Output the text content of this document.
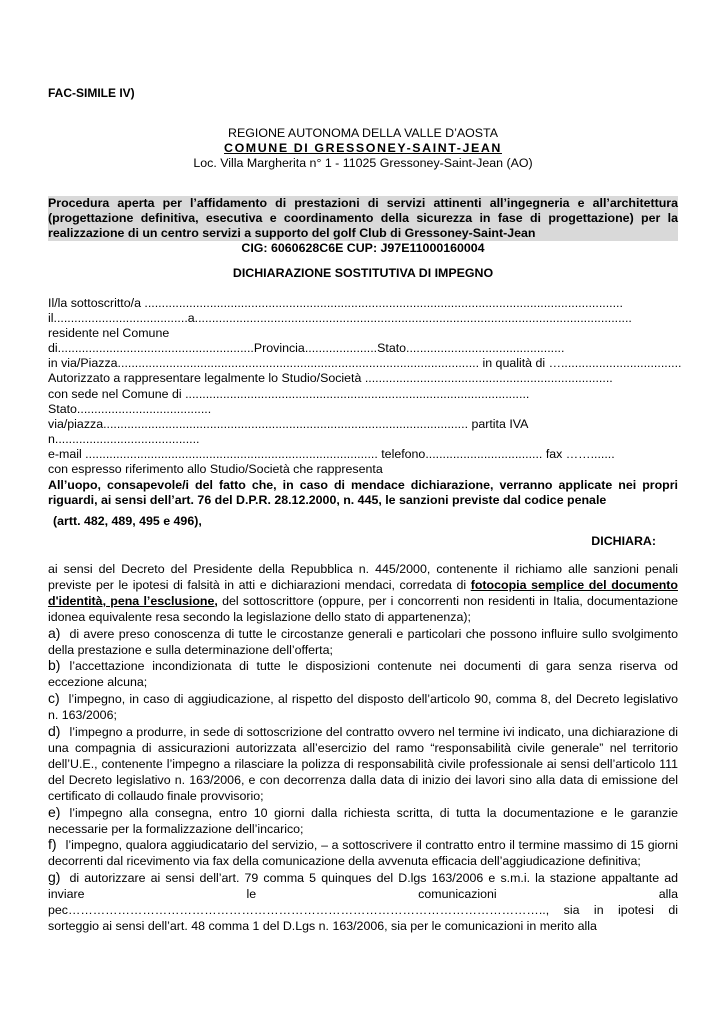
FAC-SIMILE IV)
REGIONE AUTONOMA DELLA VALLE D’AOSTA
COMUNE DI GRESSONEY-SAINT-JEAN
Loc. Villa Margherita n° 1 - 11025 Gressoney-Saint-Jean (AO)
Procedura aperta per l’affidamento di prestazioni di servizi attinenti all’ingegneria e all’architettura (progettazione definitiva, esecutiva e coordinamento della sicurezza in fase di progettazione) per la realizzazione di un centro servizi a supporto del golf Club di Gressoney-Saint-Jean
CIG: 6060628C6E CUP: J97E11000160004
DICHIARAZIONE SOSTITUTIVA DI IMPEGNO
Il/la sottoscritto/a ...........................................................................................................................................
il.......................................a...............................................................................................................................
residente nel Comune
di.........................................................Provincia.....................Stato..............................................
in via/Piazza......................................................................................................... in qualità di …...................................
Autorizzato a rappresentare legalmente lo Studio/Società ........................................................................
con sede nel Comune di ....................................................................................................
Stato.......................................
via/piazza.......................................................................................................... partita IVA
n..........................................
e-mail ..................................................................................... telefono.................................. fax …….......
con espresso riferimento allo Studio/Società che rappresenta
All’uopo, consapevole/i del fatto che, in caso di mendace dichiarazione, verranno applicate nei propri riguardi, ai sensi dell’art. 76 del D.P.R. 28.12.2000, n. 445, le sanzioni previste dal codice penale
(artt. 482, 489, 495 e 496),
DICHIARA:

ai sensi del Decreto del Presidente della Repubblica n. 445/2000, contenente il richiamo alle sanzioni penali previste per le ipotesi di falsità in atti e dichiarazioni mendaci, corredata di fotocopia semplice del documento d'identità, pena l’esclusione, del sottoscrittore (oppure, per i concorrenti non residenti in Italia, documentazione idonea equivalente resa secondo la legislazione dello stato di appartenenza);

a) di avere preso conoscenza di tutte le circostanze generali e particolari che possono influire sullo svolgimento della prestazione e sulla determinazione dell’offerta;

b) l’accettazione incondizionata di tutte le disposizioni contenute nei documenti di gara senza riserva od eccezione alcuna;

c) l’impegno, in caso di aggiudicazione, al rispetto del disposto dell’articolo 90, comma 8, del Decreto legislativo n. 163/2006;

d) l’impegno a produrre, in sede di sottoscrizione del contratto ovvero nel termine ivi indicato, una dichiarazione di una compagnia di assicurazioni autorizzata all’esercizio del ramo “responsabilità civile generale” nel territorio dell’U.E., contenente l’impegno a rilasciare la polizza di responsabilità civile professionale ai sensi dell’articolo 111 del Decreto legislativo n. 163/2006, e con decorrenza dalla data di inizio dei lavori sino alla data di emissione del certificato di collaudo finale provvisorio;

e) l’impegno alla consegna, entro 10 giorni dalla richiesta scritta, di tutta la documentazione e le garanzie necessarie per la formalizzazione dell’incarico;

f) l’impegno, qualora aggiudicatario del servizio, – a sottoscrivere il contratto entro il termine massimo di 15 giorni decorrenti dal ricevimento via fax della comunicazione della avvenuta efficacia dell’aggiudicazione definitiva;

g) di autorizzare ai sensi dell’art. 79 comma 5 quinques del D.lgs 163/2006 e s.m.i. la stazione appaltante ad inviare le comunicazioni alla pec…………………………………………………………………………………………………….., sia in ipotesi di sorteggio ai sensi dell’art. 48 comma 1 del D.Lgs n. 163/2006, sia per le comunicazioni in merito alla
